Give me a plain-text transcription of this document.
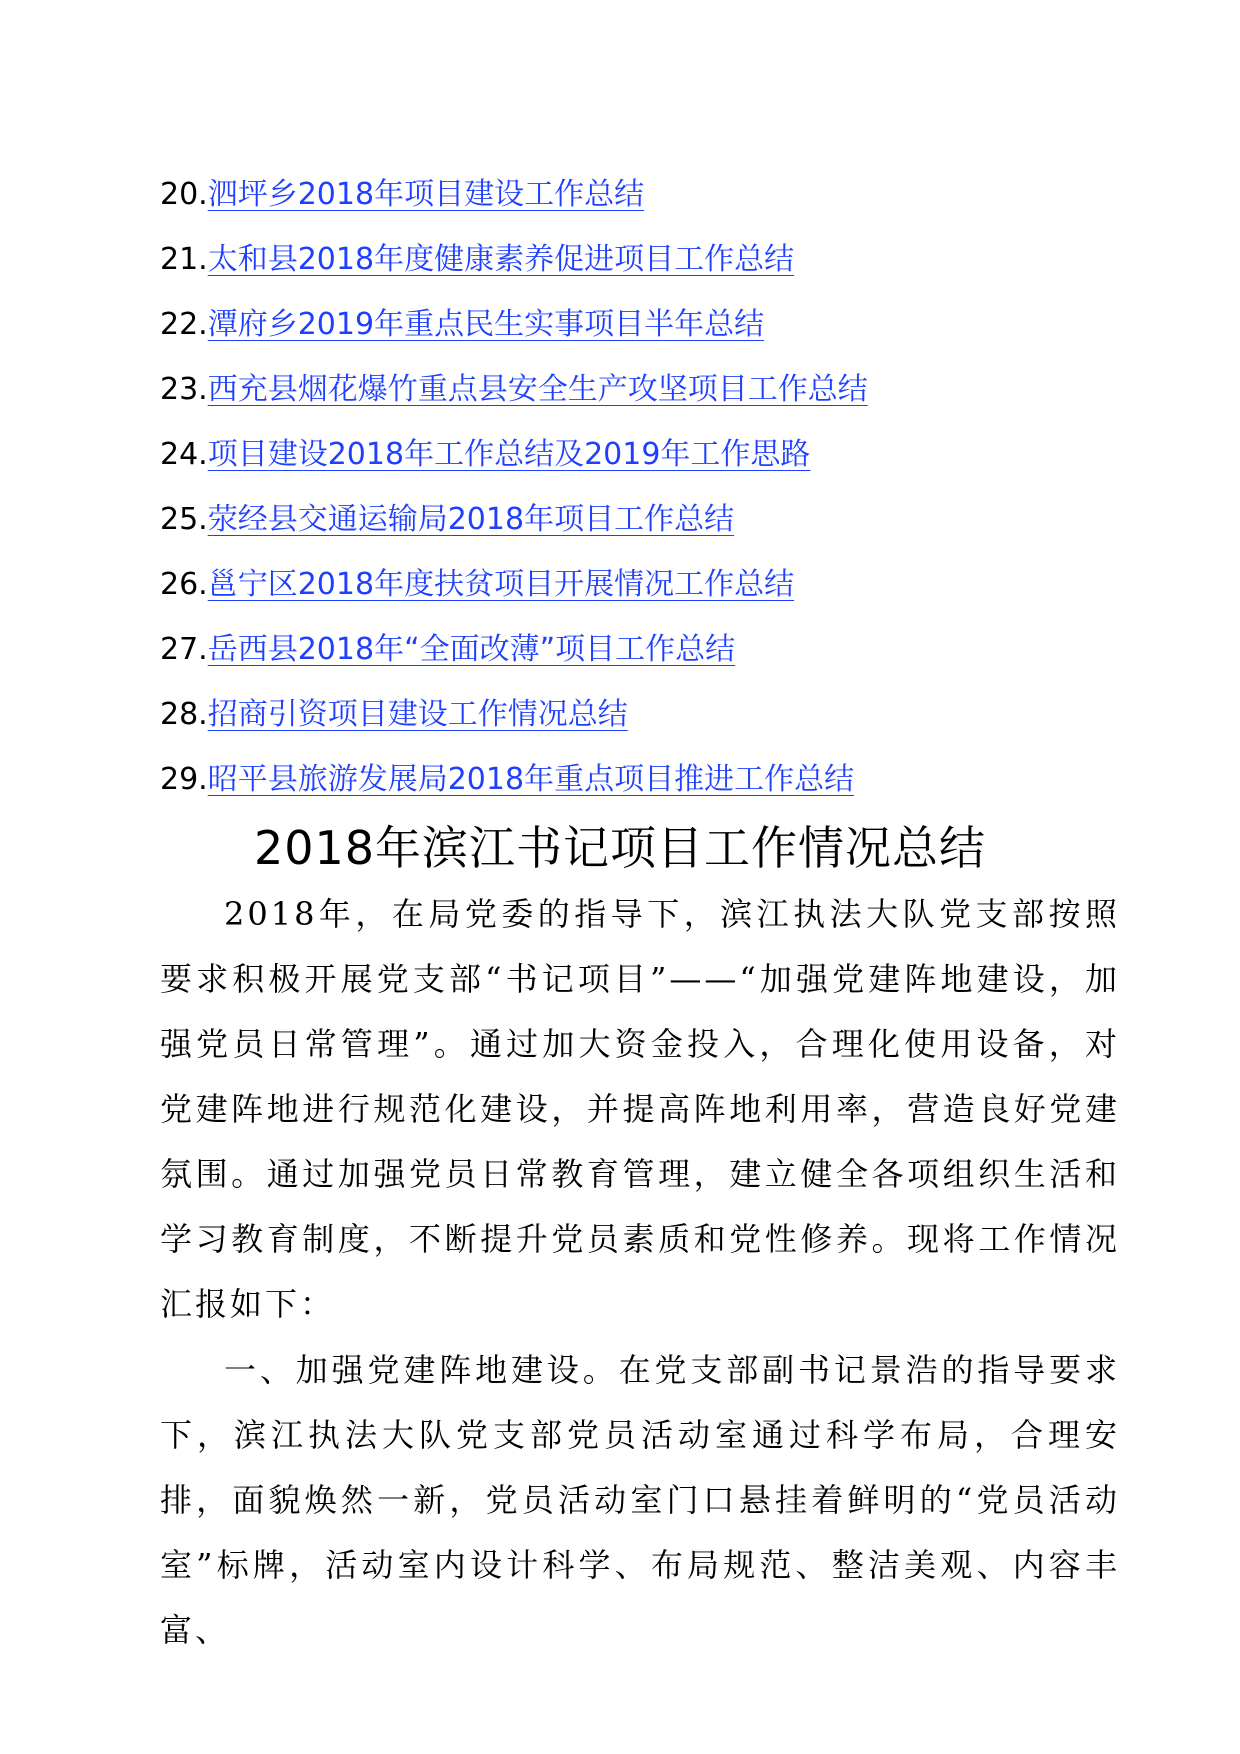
20.泗坪乡2018年项目建设工作总结
21.太和县2018年度健康素养促进项目工作总结
22.潭府乡2019年重点民生实事项目半年总结
23.西充县烟花爆竹重点县安全生产攻坚项目工作总结
24.项目建设2018年工作总结及2019年工作思路
25.荥经县交通运输局2018年项目工作总结
26.邕宁区2018年度扶贫项目开展情况工作总结
27.岳西县2018年“全面改薄”项目工作总结
28.招商引资项目建设工作情况总结
29.昭平县旅游发展局2018年重点项目推进工作总结
2018年滨江书记项目工作情况总结

2018年，在局党委的指导下，滨江执法大队党支部按照要求积极开展党支部“书记项目”——“加强党建阵地建设，加强党员日常管理”。通过加大资金投入，合理化使用设备，对党建阵地进行规范化建设，并提高阵地利用率，营造良好党建氛围。通过加强党员日常教育管理，建立健全各项组织生活和学习教育制度，不断提升党员素质和党性修养。现将工作情况汇报如下：

一、加强党建阵地建设。在党支部副书记景浩的指导要求下，滨江执法大队党支部党员活动室通过科学布局，合理安排，面貌焕然一新，党员活动室门口悬挂着鲜明的“党员活动室”标牌，活动室内设计科学、布局规范、整洁美观、内容丰富、
